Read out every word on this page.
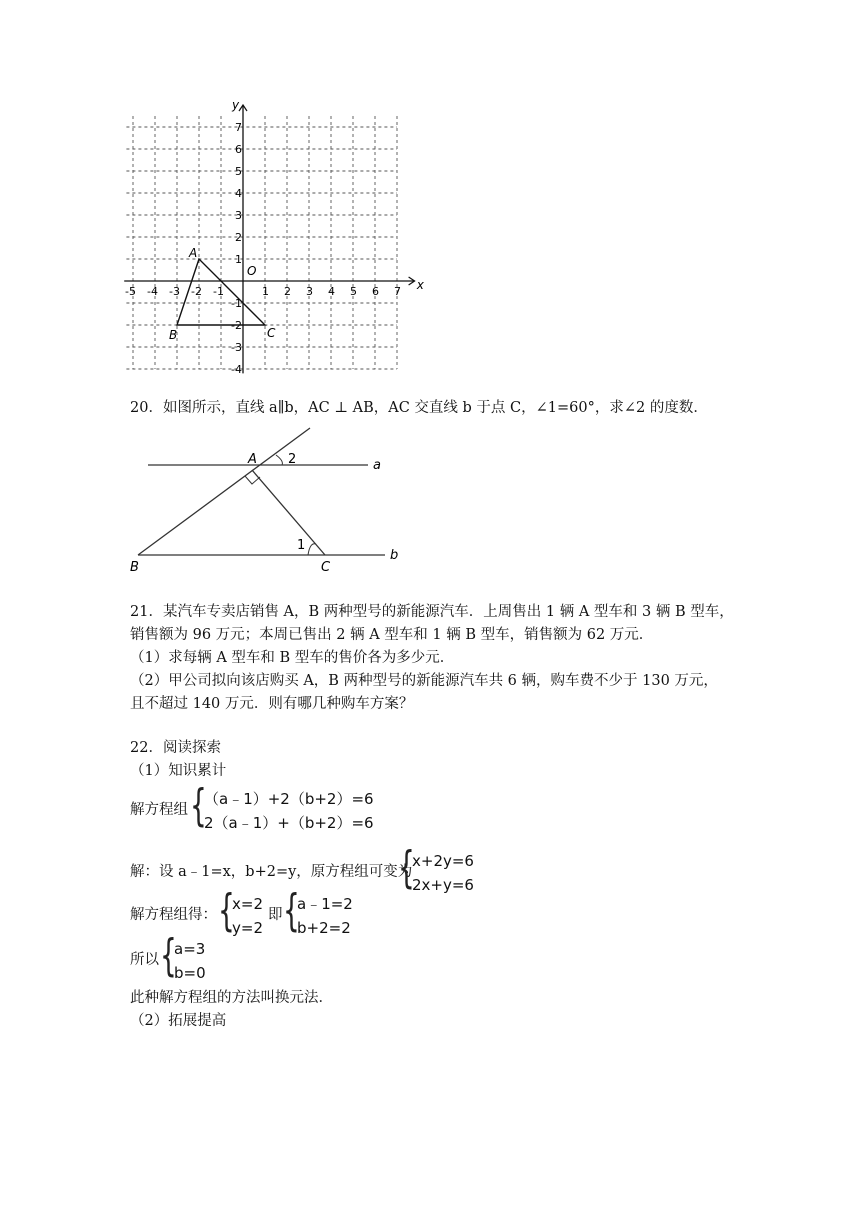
-5 -4 -3 -2 -1	1 2 3 4 5 6 7
7
6
5
4
3
2
1
-1
-2
-3
-4
x
y
O
A
B	C
20．如图所示，直线 a∥b，AC ⊥ AB，AC 交直线 b 于点 C，∠1=60°，求∠2 的度数．
A
B	C
a
b
2
1
21．某汽车专卖店销售 A，B 两种型号的新能源汽车．上周售出 1 辆 A 型车和 3 辆 B 型车，
销售额为 96 万元；本周已售出 2 辆 A 型车和 1 辆 B 型车，销售额为 62 万元．
（1）求每辆 A 型车和 B 型车的售价各为多少元．
（2）甲公司拟向该店购买 A，B 两种型号的新能源汽车共 6 辆，购车费不少于 130 万元，
且不超过 140 万元．则有哪几种购车方案？
22．阅读探索
（1）知识累计
解方程组 {
（a﹣1）+2（b+2）=6
2（a﹣1）+（b+2）=6
解：设 a﹣1=x，b+2=y，原方程组可变为
{
x+2y=6
2x+y=6
解方程组得： {
x=2
y=2
即 {
a﹣1=2
b+2=2
所以 {
a=3
b=0
此种解方程组的方法叫换元法．
（2）拓展提高
